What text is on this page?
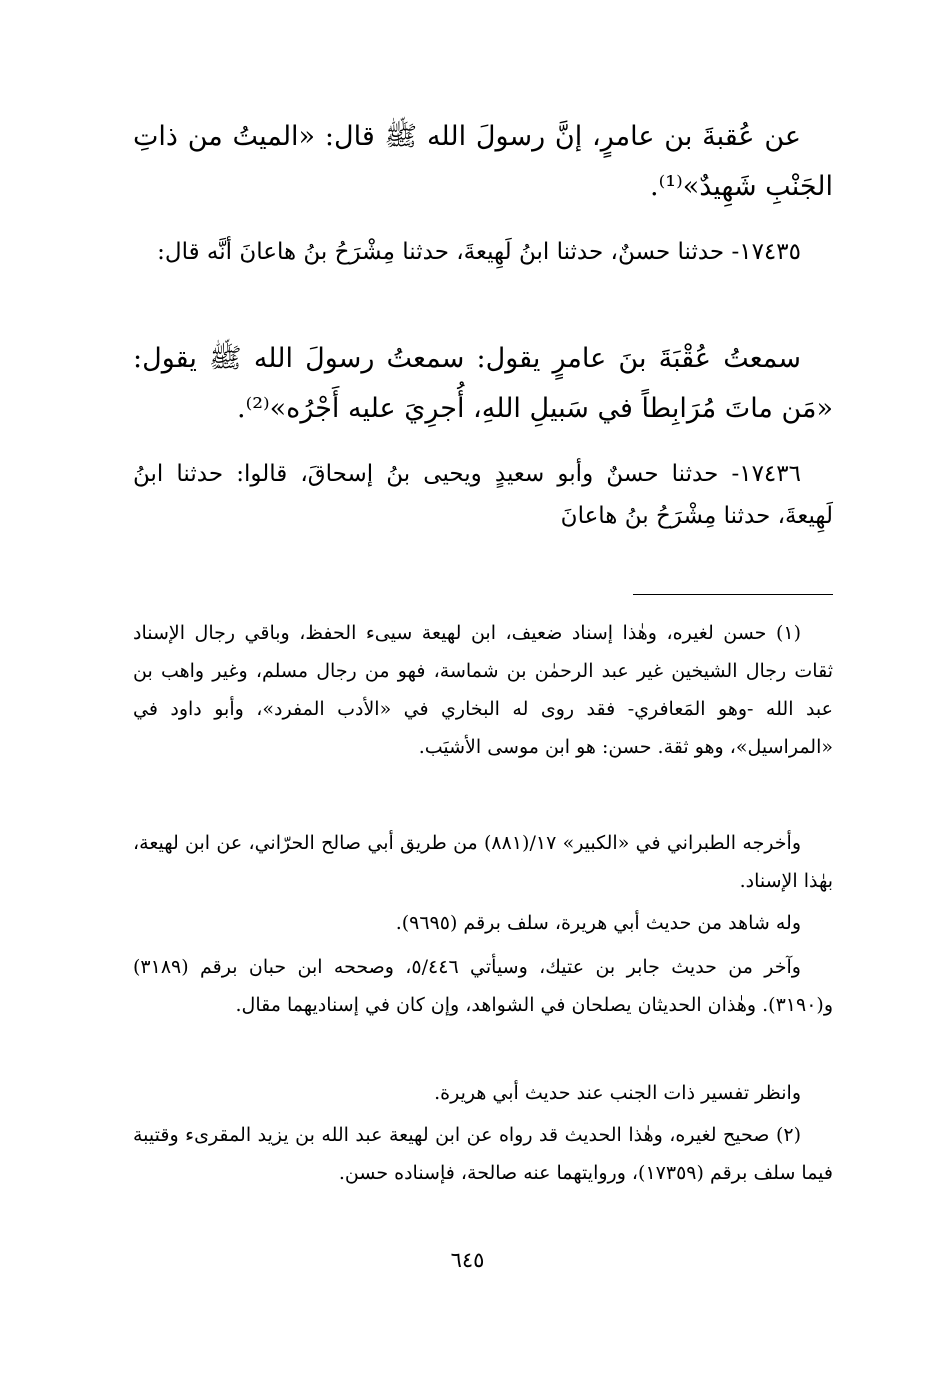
عن عُقبةَ بن عامرٍ، إنَّ رسولَ الله ﷺ قال: «الميتُ من ذاتِ الجَنْبِ شَهِيدٌ»⁽¹⁾.

١٧٤٣٥- حدثنا حسنٌ، حدثنا ابنُ لَهِيعةَ، حدثنا مِشْرَحُ بنُ هاعانَ أنَّه قال:

سمعتُ عُقْبَةَ بنَ عامرٍ يقول: سمعتُ رسولَ الله ﷺ يقول: «مَن ماتَ مُرَابِطاً في سَبيلِ اللهِ، أُجرِيَ عليه أَجْرُه»⁽²⁾.

١٧٤٣٦- حدثنا حسنٌ وأبو سعيدٍ ويحيى بنُ إسحاقَ، قالوا: حدثنا ابنُ لَهِيعةَ، حدثنا مِشْرَحُ بنُ هاعانَ

(١) حسن لغيره، وهٰذا إسناد ضعيف، ابن لهيعة سيىء الحفظ، وباقي رجال الإسناد ثقات رجال الشيخين غير عبد الرحمٰن بن شماسة، فهو من رجال مسلم، وغير واهب بن عبد الله -وهو المَعافري- فقد روى له البخاري في «الأدب المفرد»، وأبو داود في «المراسيل»، وهو ثقة. حسن: هو ابن موسى الأشيَب.

وأخرجه الطبراني في «الكبير» ١٧/(٨٨١) من طريق أبي صالح الحرّاني، عن ابن لهيعة، بهٰذا الإسناد.

وله شاهد من حديث أبي هريرة، سلف برقم (٩٦٩٥).

وآخر من حديث جابر بن عتيك، وسيأتي ٥/٤٤٦، وصححه ابن حبان برقم (٣١٨٩) و(٣١٩٠). وهٰذان الحديثان يصلحان في الشواهد، وإن كان في إسناديهما مقال.

وانظر تفسير ذات الجنب عند حديث أبي هريرة.

(٢) صحيح لغيره، وهٰذا الحديث قد رواه عن ابن لهيعة عبد الله بن يزيد المقرىء وقتيبة فيما سلف برقم (١٧٣٥٩)، وروايتهما عنه صالحة، فإسناده حسن.

٦٤٥
